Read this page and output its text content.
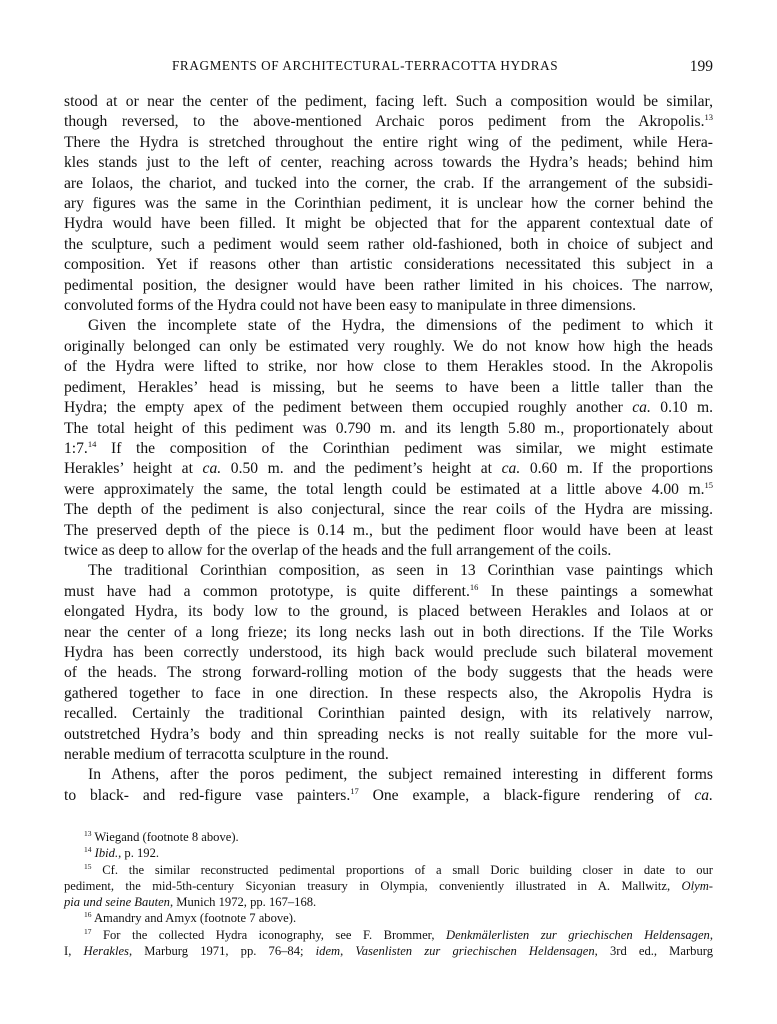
FRAGMENTS OF ARCHITECTURAL-TERRACOTTA HYDRAS	199

stood at or near the center of the pediment, facing left. Such a composition would be similar,
though reversed, to the above-mentioned Archaic poros pediment from the Akropolis.$^{13}$
There the Hydra is stretched throughout the entire right wing of the pediment, while Hera-
kles stands just to the left of center, reaching across towards the Hydra’s heads; behind him
are Iolaos, the chariot, and tucked into the corner, the crab. If the arrangement of the subsidi-
ary figures was the same in the Corinthian pediment, it is unclear how the corner behind the
Hydra would have been filled. It might be objected that for the apparent contextual date of
the sculpture, such a pediment would seem rather old-fashioned, both in choice of subject and
composition. Yet if reasons other than artistic considerations necessitated this subject in a
pedimental position, the designer would have been rather limited in his choices. The narrow,
convoluted forms of the Hydra could not have been easy to manipulate in three dimensions.

Given the incomplete state of the Hydra, the dimensions of the pediment to which it
originally belonged can only be estimated very roughly. We do not know how high the heads
of the Hydra were lifted to strike, nor how close to them Herakles stood. In the Akropolis
pediment, Herakles’ head is missing, but he seems to have been a little taller than the
Hydra; the empty apex of the pediment between them occupied roughly another ca. 0.10 m.
The total height of this pediment was 0.790 m. and its length 5.80 m., proportionately about
1:7.14 If the composition of the Corinthian pediment was similar, we might estimate
Herakles’ height at ca. 0.50 m. and the pediment’s height at ca. 0.60 m. If the proportions
were approximately the same, the total length could be estimated at a little above 4.00 m.$^{15}$
The depth of the pediment is also conjectural, since the rear coils of the Hydra are missing.
The preserved depth of the piece is 0.14 m., but the pediment floor would have been at least
twice as deep to allow for the overlap of the heads and the full arrangement of the coils.

The traditional Corinthian composition, as seen in 13 Corinthian vase paintings which
must have had a common prototype, is quite different.$^{16}$ In these paintings a somewhat
elongated Hydra, its body low to the ground, is placed between Herakles and Iolaos at or
near the center of a long frieze; its long necks lash out in both directions. If the Tile Works
Hydra has been correctly understood, its high back would preclude such bilateral movement
of the heads. The strong forward-rolling motion of the body suggests that the heads were
gathered together to face in one direction. In these respects also, the Akropolis Hydra is
recalled. Certainly the traditional Corinthian painted design, with its relatively narrow,
outstretched Hydra’s body and thin spreading necks is not really suitable for the more vul-
nerable medium of terracotta sculpture in the round.

In Athens, after the poros pediment, the subject remained interesting in different forms
to black- and red-figure vase painters.$^{17}$ One example, a black-figure rendering of ca.

$^{13}$ Wiegand (footnote 8 above).
$^{14}$ Ibid., p. 192.
$^{15}$ Cf. the similar reconstructed pedimental proportions of a small Doric building closer in date to our
pediment, the mid-5th-century Sicyonian treasury in Olympia, conveniently illustrated in A. Mallwitz, Olym-
pia und seine Bauten, Munich 1972, pp. 167–168.
$^{16}$ Amandry and Amyx (footnote 7 above).
$^{17}$ For the collected Hydra iconography, see F. Brommer, Denkmälerlisten zur griechischen Heldensagen,
I, Herakles, Marburg 1971, pp. 76–84; idem, Vasenlisten zur griechischen Heldensagen, 3rd ed., Marburg
